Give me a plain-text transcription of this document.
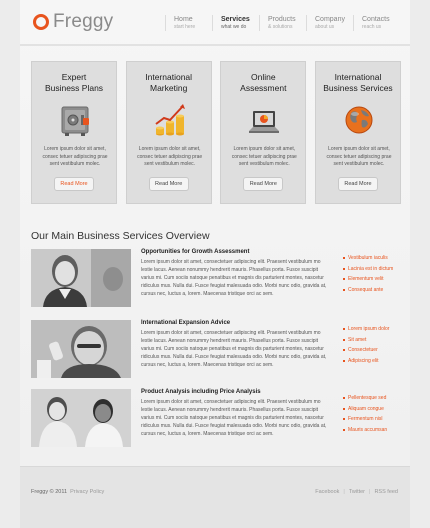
Freggy	Home
start here
Services
what we do
Products
& solutions
Company
about us
Contacts
reach us
Expert
Business Plans
Lorem ipsum dolor sit amet, consec tetuer adipiscing prae sent vestibulum molec.
Read More
International
Marketing
Lorem ipsum dolor sit amet, consec tetuer adipiscing prae sent vestibulum molec.
Read More
Online
Assessment
Lorem ipsum dolor sit amet, consec tetuer adipiscing prae sent vestibulum molec.
Read More
International
Business Services
Lorem ipsum dolor sit amet, consec tetuer adipiscing prae sent vestibulum molec.
Read More
Our Main Business Services Overview
Opportunities for Growth Assessment
Lorem ipsum dolor sit amet, consectetuer adipiscing elit. Praesent vestibulum mo lestie lacus. Aenean nonummy hendrerit mauris. Phasellus porta. Fusce suscipit varius mi. Cum sociis natoque penatibus et magnis dis parturient montes, nascetur ridiculus mus. Nulla dui. Fusce feugiat malesuada odio. Morbi nunc odio, gravida at, cursus nec, luctus a, lorem. Maecenas tristique orci ac sem.
Vestibulum iaculis
Lacinia est in dictum
Elementum velit
Consequat ante
International Expansion Advice
Lorem ipsum dolor sit amet, consectetuer adipiscing elit. Praesent vestibulum mo lestie lacus. Aenean nonummy hendrerit mauris. Phasellus porta. Fusce suscipit varius mi. Cum sociis natoque penatibus et magnis dis parturient montes, nascetur ridiculus mus. Nulla dui. Fusce feugiat malesuada odio. Morbi nunc odio, gravida at, cursus nec, luctus a, lorem. Maecenas tristique orci ac sem.
Lorem ipsum dolor
Sit amet
Consectetuer
Adipiscing elit
Product Analysis including Price Analysis
Lorem ipsum dolor sit amet, consectetuer adipiscing elit. Praesent vestibulum mo lestie lacus. Aenean nonummy hendrerit mauris. Phasellus porta. Fusce suscipit varius mi. Cum sociis natoque penatibus et magnis dis parturient montes, nascetur ridiculus mus. Nulla dui. Fusce feugiat malesuada odio. Morbi nunc odio, gravida at, cursus nec, luctus a, lorem. Maecenas tristique orci ac sem.
Pellentesque sed
Aliquam congue
Fermentum nisl
Mauris accumsan
Freggy © 2011 Privacy Policy	Facebook | Twitter | RSS feed
